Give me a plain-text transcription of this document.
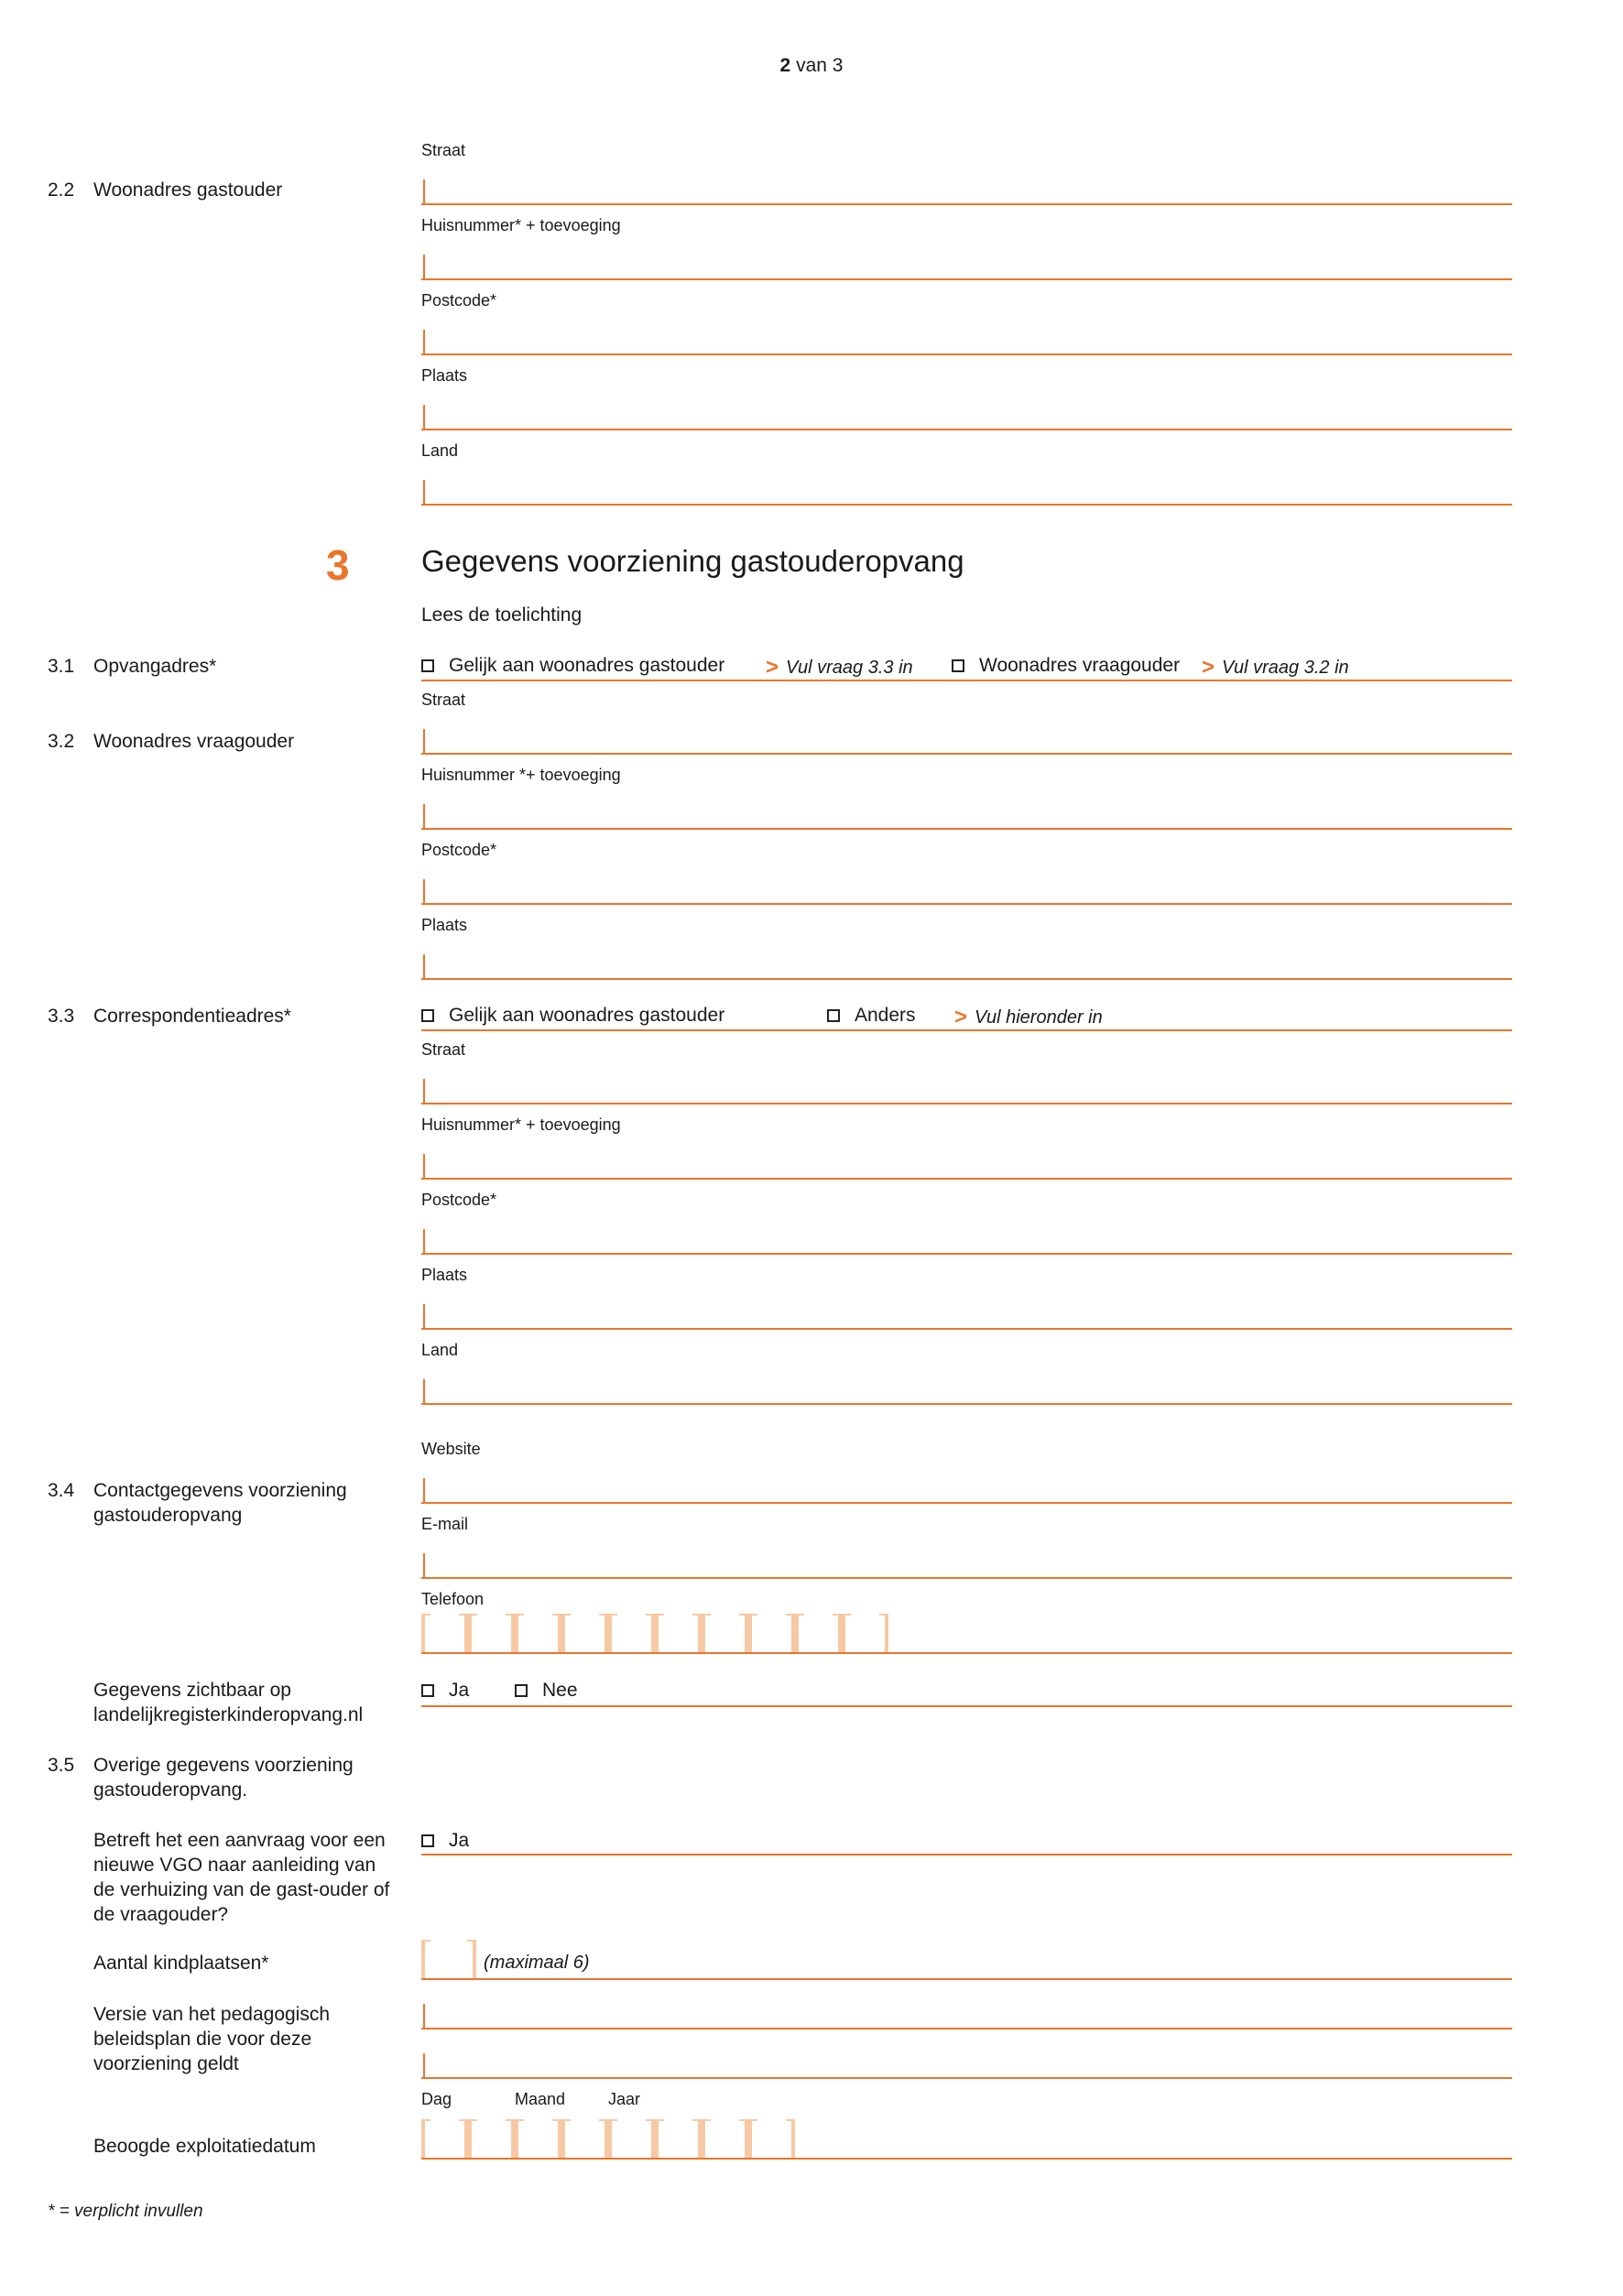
2 van 3
2.2 Woonadres gastouder
Straat
Huisnummer* + toevoeging
Postcode*
Plaats
Land
3 Gegevens voorziening gastouderopvang
Lees de toelichting
3.1 Opvangadres*	Gelijk aan woonadres gastouder > Vul vraag 3.3 in	Woonadres vraagouder > Vul vraag 3.2 in
3.2 Woonadres vraagouder
Straat
Huisnummer *+ toevoeging
Postcode*
Plaats
3.3 Correspondentieadres*	Gelijk aan woonadres gastouder	Anders > Vul hieronder in
Straat
Huisnummer* + toevoeging
Postcode*
Plaats
Land
3.4 Contactgegevens voorziening gastouderopvang
Website
E-mail
Telefoon
Gegevens zichtbaar op landelijkregisterkinderopvang.nl
Ja	Nee
3.5 Overige gegevens voorziening gastouderopvang.
Betreft het een aanvraag voor een nieuwe VGO naar aanleiding van de verhuizing van de gast-ouder of de vraagouder?
Ja
Aantal kindplaatsen*	(maximaal 6)
Versie van het pedagogisch beleidsplan die voor deze voorziening geldt
Dag	Maand	Jaar
Beoogde exploitatiedatum
* = verplicht invullen
